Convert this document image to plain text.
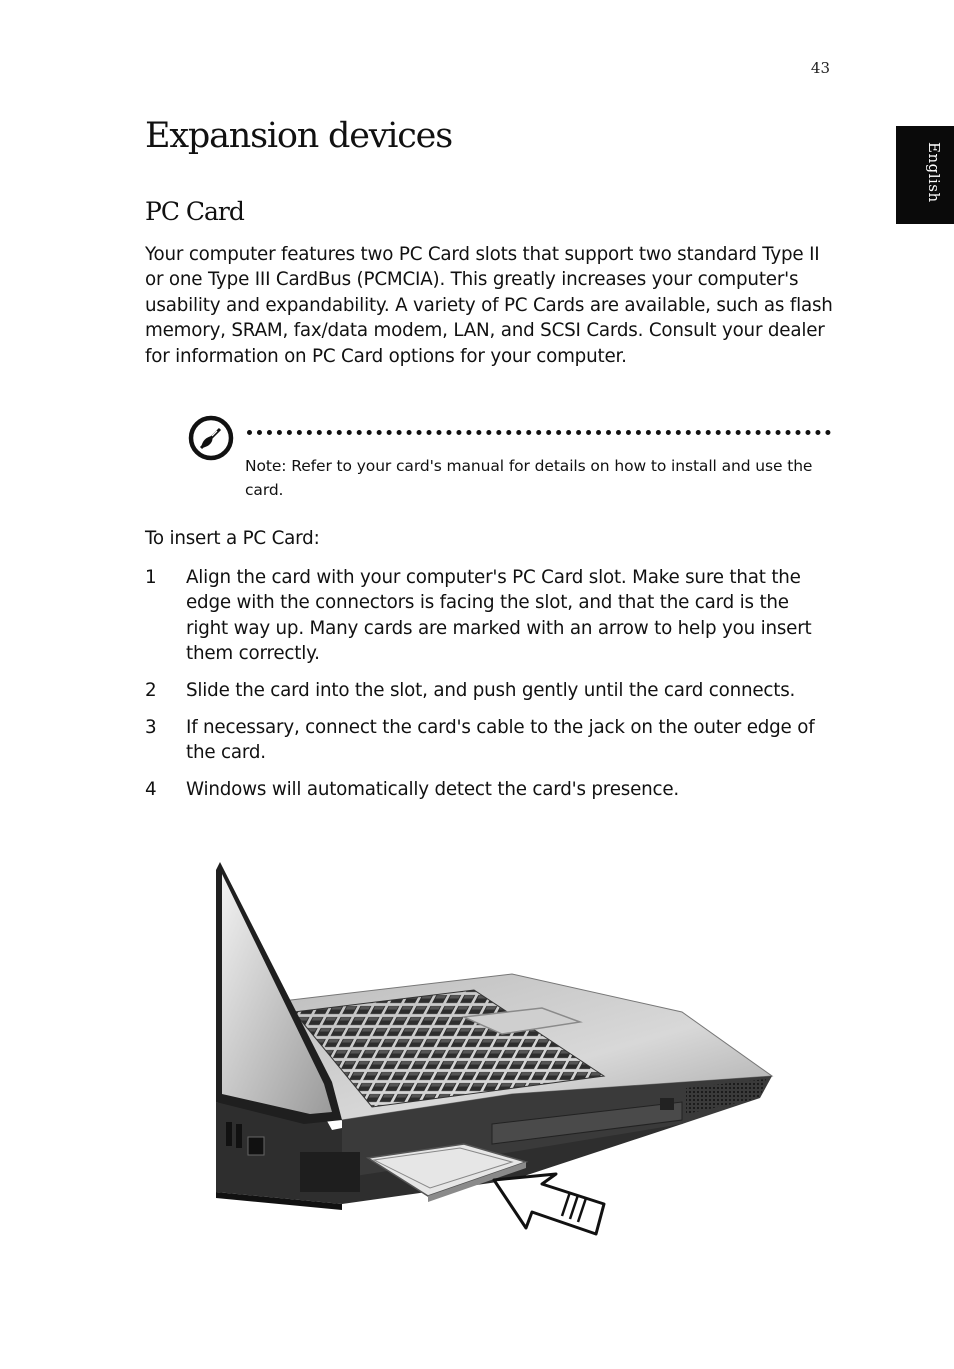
43
English
Expansion devices
PC Card

Your computer features two PC Card slots that support two standard Type II or one Type III CardBus (PCMCIA). This greatly increases your computer's usability and expandability. A variety of PC Cards are available, such as flash memory, SRAM, fax/data modem, LAN, and SCSI Cards. Consult your dealer for information on PC Card options for your computer.

Note: Refer to your card's manual for details on how to install and use the card.

To insert a PC Card:

1 Align the card with your computer's PC Card slot. Make sure that the edge with the connectors is facing the slot, and that the card is the right way up. Many cards are marked with an arrow to help you insert them correctly.
2 Slide the card into the slot, and push gently until the card connects.
3 If necessary, connect the card's cable to the jack on the outer edge of the card.
4 Windows will automatically detect the card's presence.
